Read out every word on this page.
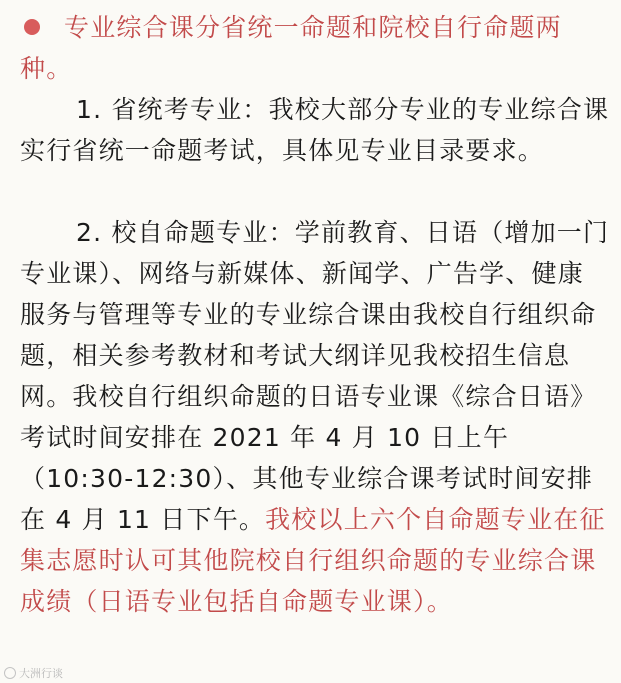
专业综合课分省统一命题和院校自行命题两种。

1. 省统考专业：我校大部分专业的专业综合课实行省统一命题考试，具体见专业目录要求。

2. 校自命题专业：学前教育、日语（增加一门专业课）、网络与新媒体、新闻学、广告学、健康服务与管理等专业的专业综合课由我校自行组织命题，相关参考教材和考试大纲详见我校招生信息网。我校自行组织命题的日语专业课《综合日语》考试时间安排在 2021 年 4 月 10 日上午（10:30-12:30）、其他专业综合课考试时间安排在 4 月 11 日下午。我校以上六个自命题专业在征集志愿时认可其他院校自行组织命题的专业综合课成绩（日语专业包括自命题专业课）。

大洲行谈
